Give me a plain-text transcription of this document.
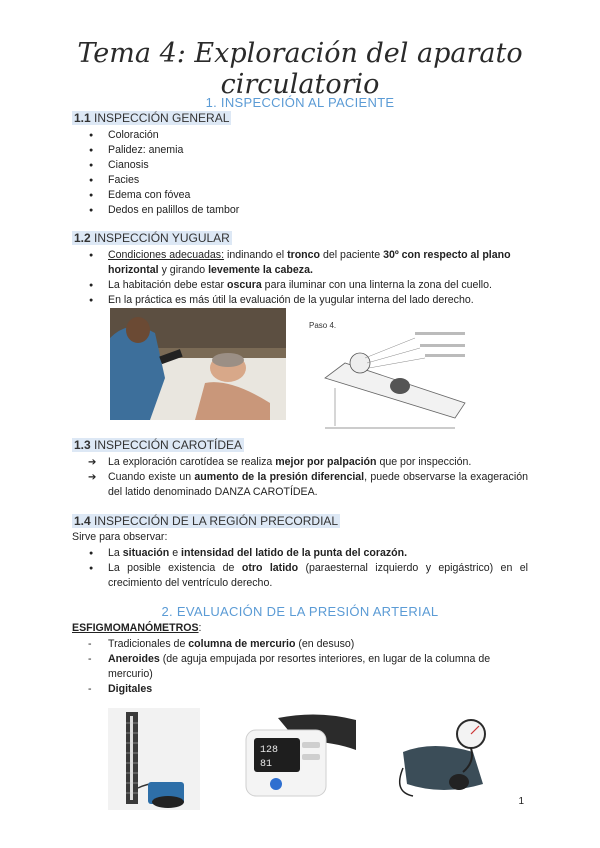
Tema 4: Exploración del aparato circulatorio
1. INSPECCIÓN AL PACIENTE
1.1 INSPECCIÓN GENERAL
● Coloración
● Palidez: anemia
● Cianosis
● Facies
● Edema con fóvea
● Dedos en palillos de tambor
1.2 INSPECCIÓN YUGULAR
● Condiciones adecuadas: indinando el tronco del paciente 30º con respecto al plano horizontal y girando levemente la cabeza.
● La habitación debe estar oscura para iluminar con una linterna la zona del cuello.
● En la práctica es más útil la evaluación de la yugular interna del lado derecho.
Paso 4.
1.3 INSPECCIÓN CAROTÍDEA
➔ La exploración carotídea se realiza mejor por palpación que por inspección.
➔ Cuando existe un aumento de la presión diferencial, puede observarse la exageración del latido denominado DANZA CAROTÍDEA.
1.4 INSPECCIÓN DE LA REGIÓN PRECORDIAL
Sirve para observar:
● La situación e intensidad del latido de la punta del corazón.
● La posible existencia de otro latido (paraesternal izquierdo y epigástrico) en el crecimiento del ventrículo derecho.
2. EVALUACIÓN DE LA PRESIÓN ARTERIAL
ESFIGMOMANÓMETROS:
- Tradicionales de columna de mercurio (en desuso)
- Aneroides (de aguja empujada por resortes interiores, en lugar de la columna de mercurio)
- Digitales
128
81
1
